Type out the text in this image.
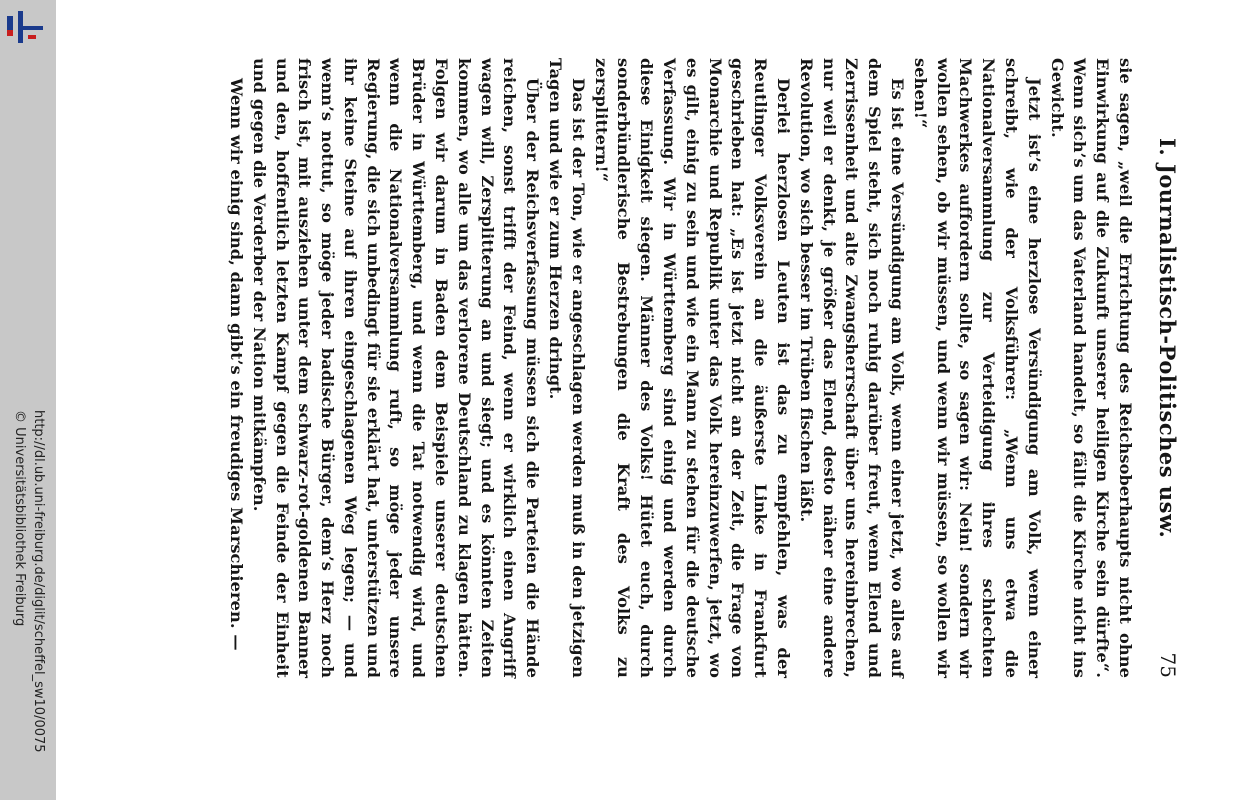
http://dl.ub.uni-freiburg.de/diglit/scheffel_sw10/0075
© Universitätsbibliothek Freiburg	I. Journalistisch-Politisches usw.
75

sie sagen, „weil die Errichtung des Reichsoberhaupts nicht ohne Einwirkung auf die Zukunft unserer heiligen Kirche sein dürfte“. Wenn sich’s um das Vaterland handelt, so fällt die Kirche nicht ins Gewicht.

Jetzt ist’s eine herzlose Versündigung am Volk, wenn einer schreibt, wie der Volksführer: „Wenn uns etwa die Nationalversammlung zur Verteidigung ihres schlechten Machwerkes auffordern sollte, so sagen wir: Nein! sondern wir wollen sehen, ob wir müssen, und wenn wir müssen, so wollen wir sehen!“

Es ist eine Versündigung am Volk, wenn einer jetzt, wo alles auf dem Spiel steht, sich noch ruhig darüber freut, wenn Elend und Zerrissenheit und alte Zwangsherrschaft über uns hereinbrechen, nur weil er denkt, je größer das Elend, desto näher eine andere Revolution, wo sich besser im Trüben fischen läßt.

Derlei herzlosen Leuten ist das zu empfehlen, was der Reutlinger Volksverein an die äußerste Linke in Frankfurt geschrieben hat: „Es ist jetzt nicht an der Zeit, die Frage von Monarchie und Republik unter das Volk hereinzuwerfen, jetzt, wo es gilt, einig zu sein und wie ein Mann zu stehen für die deutsche Verfassung. Wir in Württemberg sind einig und werden durch diese Einigkeit siegen. Männer des Volks! Hütet euch, durch sonderbündlerische Bestrebungen die Kraft des Volks zu zersplittern!“

Das ist der Ton, wie er angeschlagen werden muß in den jetzigen Tagen und wie er zum Herzen dringt.

Über der Reichsverfassung müssen sich die Parteien die Hände reichen, sonst trifft der Feind, wenn er wirklich einen Angriff wagen will, Zersplitterung an und siegt; und es könnten Zeiten kommen, wo alle um das verlorene Deutschland zu klagen hätten. Folgen wir darum in Baden dem Beispiele unserer deutschen Brüder in Württemberg, und wenn die Tat notwendig wird, und wenn die Nationalversammlung ruft, so möge jeder unsere Regierung, die sich unbedingt für sie erklärt hat, unterstützen und ihr keine Steine auf ihren eingeschlagenen Weg legen; — und wenn’s nottut, so möge jeder badische Bürger, dem’s Herz noch frisch ist, mit ausziehen unter dem schwarz-rot-goldenen Banner und den, hoffentlich letzten Kampf gegen die Feinde der Einheit und gegen die Verderber der Nation mitkämpfen.

Wenn wir einig sind, dann gibt’s ein freudiges Marschieren. —
